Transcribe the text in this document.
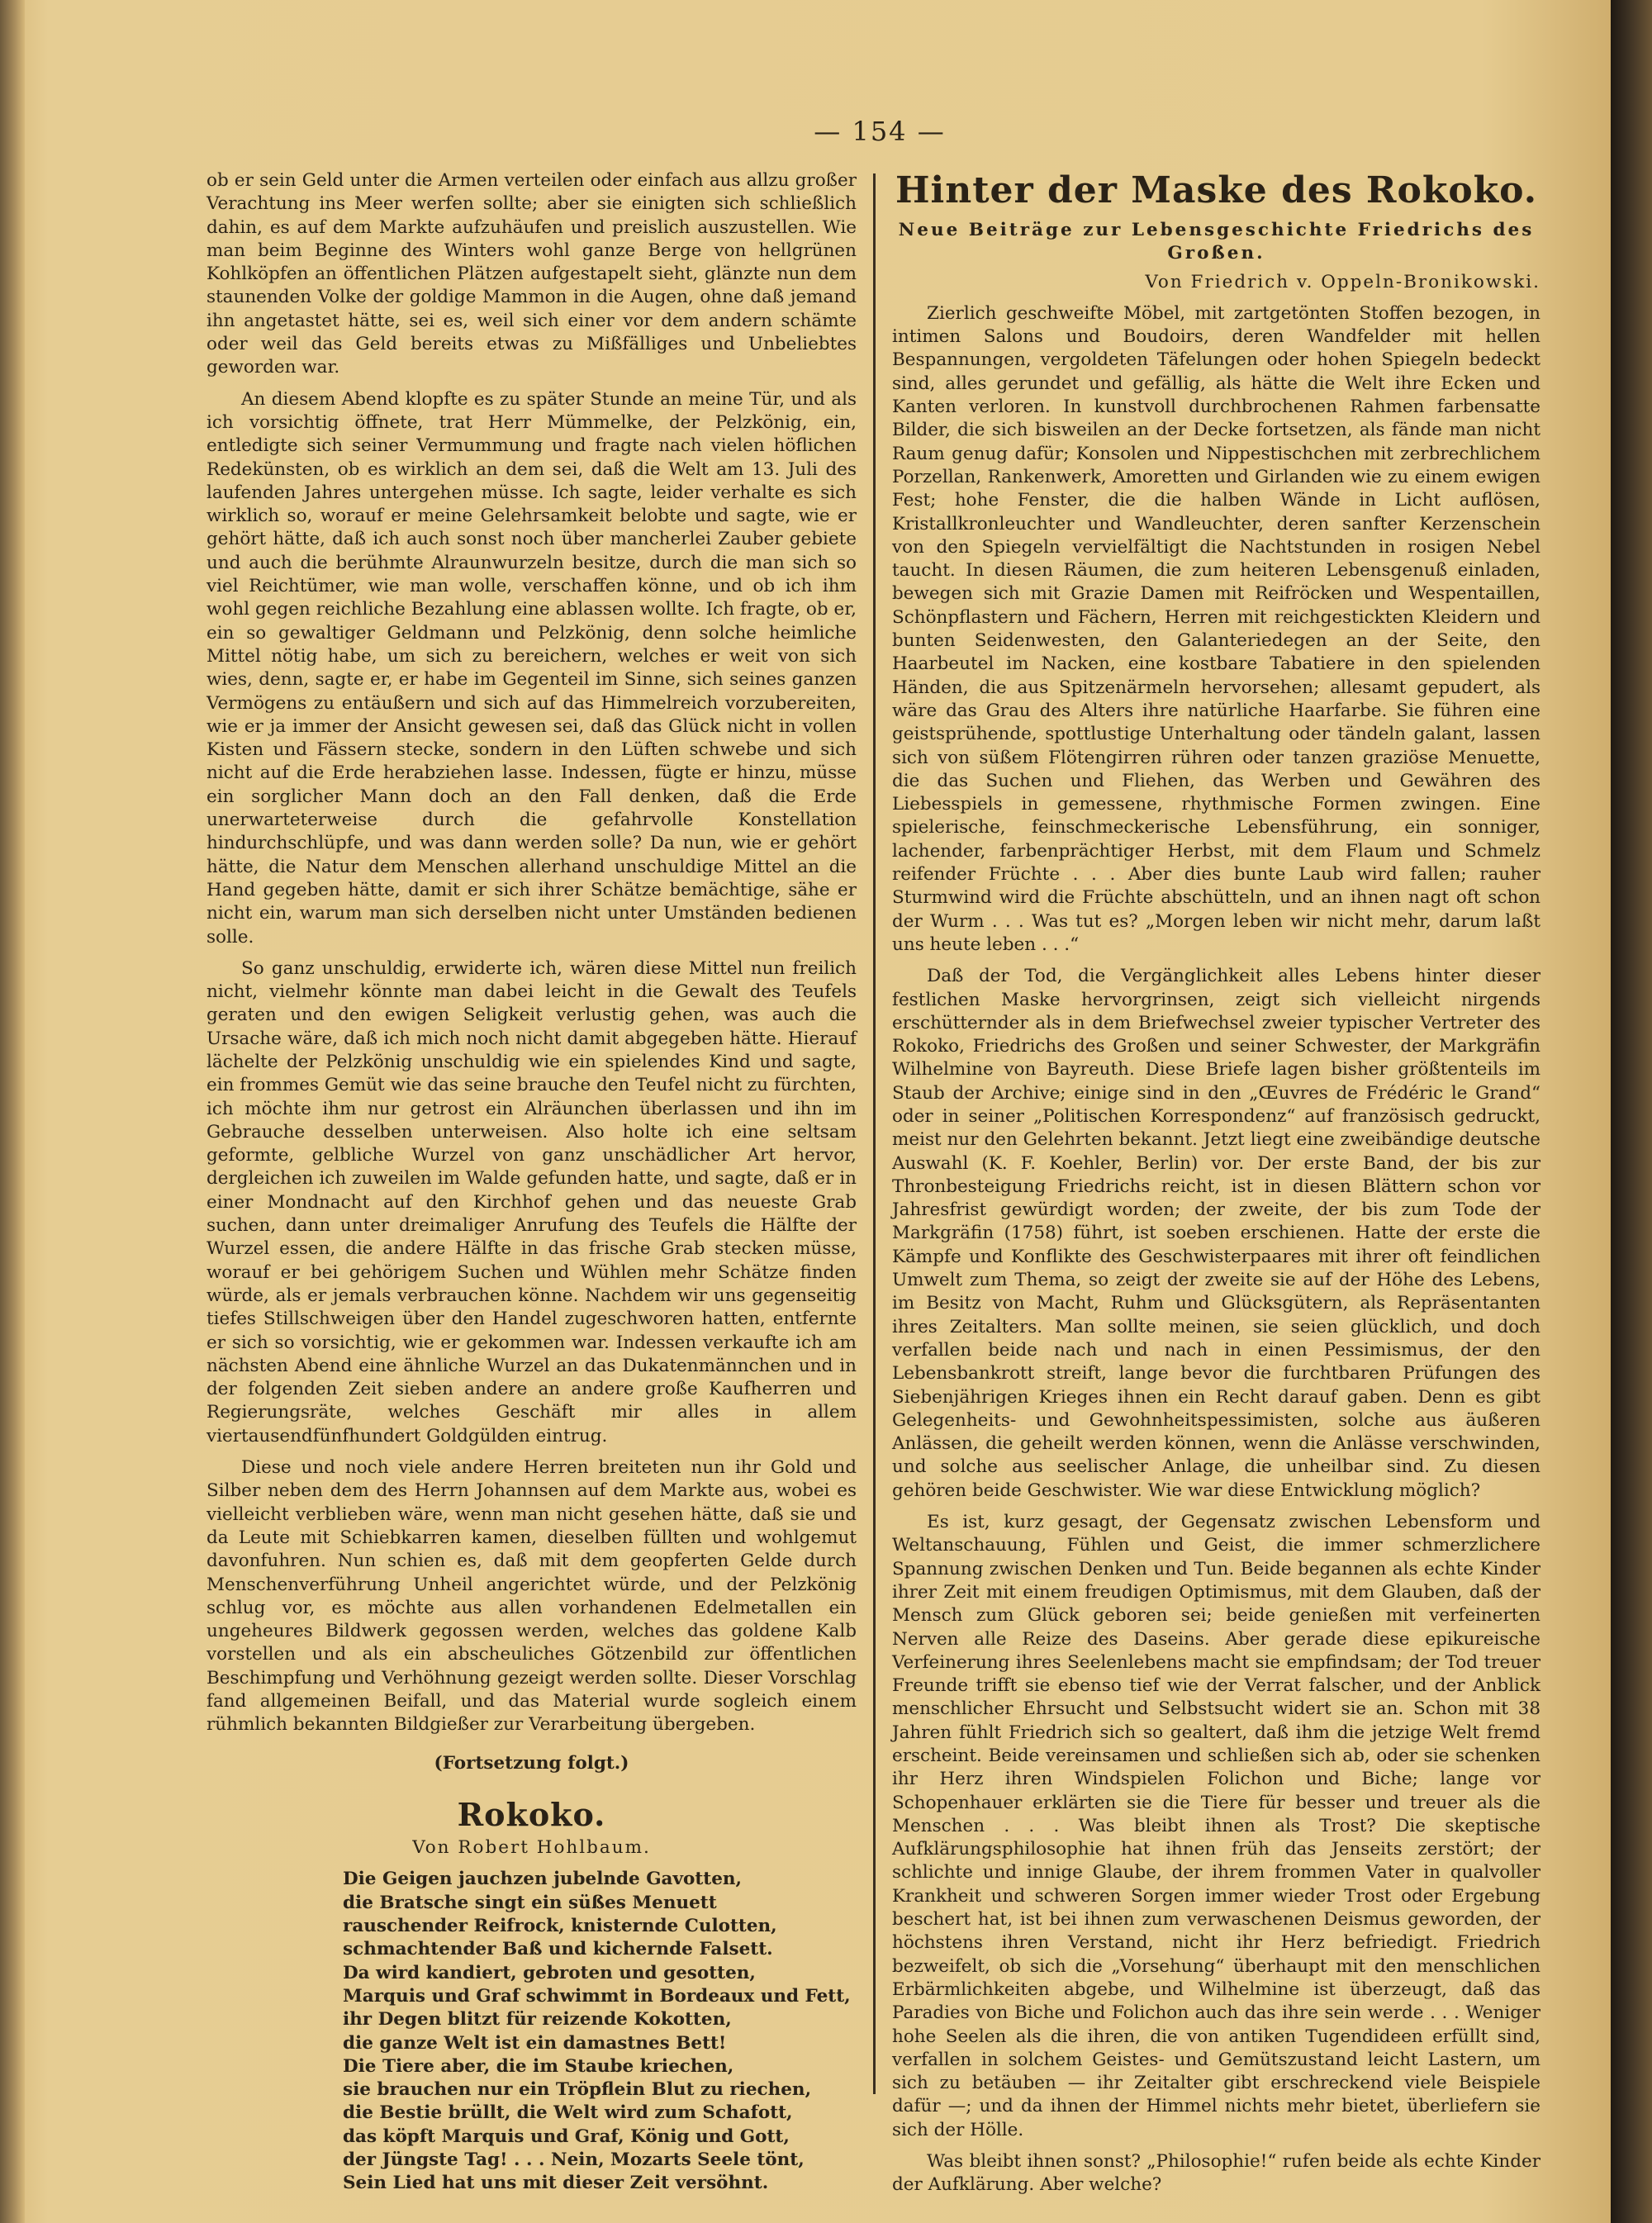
— 154 —

ob er sein Geld unter die Armen verteilen oder einfach aus allzu großer Verachtung ins Meer werfen sollte; aber sie einigten sich schließlich dahin, es auf dem Markte aufzuhäufen und preislich auszustellen. Wie man beim Beginne des Winters wohl ganze Berge von hellgrünen Kohlköpfen an öffentlichen Plätzen aufgestapelt sieht, glänzte nun dem staunenden Volke der goldige Mammon in die Augen, ohne daß jemand ihn angetastet hätte, sei es, weil sich einer vor dem andern schämte oder weil das Geld bereits etwas zu Mißfälliges und Unbeliebtes geworden war.

An diesem Abend klopfte es zu später Stunde an meine Tür, und als ich vorsichtig öffnete, trat Herr Mümmelke, der Pelzkönig, ein, entledigte sich seiner Vermummung und fragte nach vielen höflichen Redekünsten, ob es wirklich an dem sei, daß die Welt am 13. Juli des laufenden Jahres untergehen müsse. Ich sagte, leider verhalte es sich wirklich so, worauf er meine Gelehrsamkeit belobte und sagte, wie er gehört hätte, daß ich auch sonst noch über mancherlei Zauber gebiete und auch die berühmte Alraunwurzeln besitze, durch die man sich so viel Reichtümer, wie man wolle, verschaffen könne, und ob ich ihm wohl gegen reichliche Bezahlung eine ablassen wollte. Ich fragte, ob er, ein so gewaltiger Geldmann und Pelzkönig, denn solche heimliche Mittel nötig habe, um sich zu bereichern, welches er weit von sich wies, denn, sagte er, er habe im Gegenteil im Sinne, sich seines ganzen Vermögens zu entäußern und sich auf das Himmelreich vorzubereiten, wie er ja immer der Ansicht gewesen sei, daß das Glück nicht in vollen Kisten und Fässern stecke, sondern in den Lüften schwebe und sich nicht auf die Erde herabziehen lasse. Indessen, fügte er hinzu, müsse ein sorglicher Mann doch an den Fall denken, daß die Erde unerwarteterweise durch die gefahrvolle Konstellation hindurchschlüpfe, und was dann werden solle? Da nun, wie er gehört hätte, die Natur dem Menschen allerhand unschuldige Mittel an die Hand gegeben hätte, damit er sich ihrer Schätze bemächtige, sähe er nicht ein, warum man sich derselben nicht unter Umständen bedienen solle.

So ganz unschuldig, erwiderte ich, wären diese Mittel nun freilich nicht, vielmehr könnte man dabei leicht in die Gewalt des Teufels geraten und den ewigen Seligkeit verlustig gehen, was auch die Ursache wäre, daß ich mich noch nicht damit abgegeben hätte. Hierauf lächelte der Pelzkönig unschuldig wie ein spielendes Kind und sagte, ein frommes Gemüt wie das seine brauche den Teufel nicht zu fürchten, ich möchte ihm nur getrost ein Alräunchen überlassen und ihn im Gebrauche desselben unterweisen. Also holte ich eine seltsam geformte, gelbliche Wurzel von ganz unschädlicher Art hervor, dergleichen ich zuweilen im Walde gefunden hatte, und sagte, daß er in einer Mondnacht auf den Kirchhof gehen und das neueste Grab suchen, dann unter dreimaliger Anrufung des Teufels die Hälfte der Wurzel essen, die andere Hälfte in das frische Grab stecken müsse, worauf er bei gehörigem Suchen und Wühlen mehr Schätze finden würde, als er jemals verbrauchen könne. Nachdem wir uns gegenseitig tiefes Stillschweigen über den Handel zugeschworen hatten, entfernte er sich so vorsichtig, wie er gekommen war. Indessen verkaufte ich am nächsten Abend eine ähnliche Wurzel an das Dukatenmännchen und in der folgenden Zeit sieben andere an andere große Kaufherren und Regierungsräte, welches Geschäft mir alles in allem viertausendfünfhundert Goldgülden eintrug.

Diese und noch viele andere Herren breiteten nun ihr Gold und Silber neben dem des Herrn Johannsen auf dem Markte aus, wobei es vielleicht verblieben wäre, wenn man nicht gesehen hätte, daß sie und da Leute mit Schiebkarren kamen, dieselben füllten und wohlgemut davonfuhren. Nun schien es, daß mit dem geopferten Gelde durch Menschenverführung Unheil angerichtet würde, und der Pelzkönig schlug vor, es möchte aus allen vorhandenen Edelmetallen ein ungeheures Bildwerk gegossen werden, welches das goldene Kalb vorstellen und als ein abscheuliches Götzenbild zur öffentlichen Beschimpfung und Verhöhnung gezeigt werden sollte. Dieser Vorschlag fand allgemeinen Beifall, und das Material wurde sogleich einem rühmlich bekannten Bildgießer zur Verarbeitung übergeben.

(Fortsetzung folgt.)
Rokoko.
Von Robert Hohlbaum.
Die Geigen jauchzen jubelnde Gavotten,
die Bratsche singt ein süßes Menuett
rauschender Reifrock, knisternde Culotten,
schmachtender Baß und kichernde Falsett.
Da wird kandiert, gebroten und gesotten,
Marquis und Graf schwimmt in Bordeaux und Fett,
ihr Degen blitzt für reizende Kokotten,
die ganze Welt ist ein damastnes Bett!
Die Tiere aber, die im Staube kriechen,
sie brauchen nur ein Tröpflein Blut zu riechen,
die Bestie brüllt, die Welt wird zum Schafott,
das köpft Marquis und Graf, König und Gott,
der Jüngste Tag! . . . Nein, Mozarts Seele tönt,
Sein Lied hat uns mit dieser Zeit versöhnt.
Hinter der Maske des Rokoko.
Neue Beiträge zur Lebensgeschichte Friedrichs des Großen.
Von Friedrich v. Oppeln-Bronikowski.

Zierlich geschweifte Möbel, mit zartgetönten Stoffen bezogen, in intimen Salons und Boudoirs, deren Wandfelder mit hellen Bespannungen, vergoldeten Täfelungen oder hohen Spiegeln bedeckt sind, alles gerundet und gefällig, als hätte die Welt ihre Ecken und Kanten verloren. In kunstvoll durchbrochenen Rahmen farbensatte Bilder, die sich bisweilen an der Decke fortsetzen, als fände man nicht Raum genug dafür; Konsolen und Nippestischchen mit zerbrechlichem Porzellan, Rankenwerk, Amoretten und Girlanden wie zu einem ewigen Fest; hohe Fenster, die die halben Wände in Licht auflösen, Kristallkronleuchter und Wandleuchter, deren sanfter Kerzenschein von den Spiegeln vervielfältigt die Nachtstunden in rosigen Nebel taucht. In diesen Räumen, die zum heiteren Lebensgenuß einladen, bewegen sich mit Grazie Damen mit Reifröcken und Wespentaillen, Schönpflastern und Fächern, Herren mit reichgestickten Kleidern und bunten Seidenwesten, den Galanteriedegen an der Seite, den Haarbeutel im Nacken, eine kostbare Tabatiere in den spielenden Händen, die aus Spitzenärmeln hervorsehen; allesamt gepudert, als wäre das Grau des Alters ihre natürliche Haarfarbe. Sie führen eine geistsprühende, spottlustige Unterhaltung oder tändeln galant, lassen sich von süßem Flötengirren rühren oder tanzen graziöse Menuette, die das Suchen und Fliehen, das Werben und Gewähren des Liebesspiels in gemessene, rhythmische Formen zwingen. Eine spielerische, feinschmeckerische Lebensführung, ein sonniger, lachender, farbenprächtiger Herbst, mit dem Flaum und Schmelz reifender Früchte . . . Aber dies bunte Laub wird fallen; rauher Sturmwind wird die Früchte abschütteln, und an ihnen nagt oft schon der Wurm . . . Was tut es? „Morgen leben wir nicht mehr, darum laßt uns heute leben . . .“

Daß der Tod, die Vergänglichkeit alles Lebens hinter dieser festlichen Maske hervorgrinsen, zeigt sich vielleicht nirgends erschütternder als in dem Briefwechsel zweier typischer Vertreter des Rokoko, Friedrichs des Großen und seiner Schwester, der Markgräfin Wilhelmine von Bayreuth. Diese Briefe lagen bisher größtenteils im Staub der Archive; einige sind in den „Œuvres de Frédéric le Grand“ oder in seiner „Politischen Korrespondenz“ auf französisch gedruckt, meist nur den Gelehrten bekannt. Jetzt liegt eine zweibändige deutsche Auswahl (K. F. Koehler, Berlin) vor. Der erste Band, der bis zur Thronbesteigung Friedrichs reicht, ist in diesen Blättern schon vor Jahresfrist gewürdigt worden; der zweite, der bis zum Tode der Markgräfin (1758) führt, ist soeben erschienen. Hatte der erste die Kämpfe und Konflikte des Geschwisterpaares mit ihrer oft feindlichen Umwelt zum Thema, so zeigt der zweite sie auf der Höhe des Lebens, im Besitz von Macht, Ruhm und Glücksgütern, als Repräsentanten ihres Zeitalters. Man sollte meinen, sie seien glücklich, und doch verfallen beide nach und nach in einen Pessimismus, der den Lebensbankrott streift, lange bevor die furchtbaren Prüfungen des Siebenjährigen Krieges ihnen ein Recht darauf gaben. Denn es gibt Gelegenheits- und Gewohnheitspessimisten, solche aus äußeren Anlässen, die geheilt werden können, wenn die Anlässe verschwinden, und solche aus seelischer Anlage, die unheilbar sind. Zu diesen gehören beide Geschwister. Wie war diese Entwicklung möglich?

Es ist, kurz gesagt, der Gegensatz zwischen Lebensform und Weltanschauung, Fühlen und Geist, die immer schmerzlichere Spannung zwischen Denken und Tun. Beide begannen als echte Kinder ihrer Zeit mit einem freudigen Optimismus, mit dem Glauben, daß der Mensch zum Glück geboren sei; beide genießen mit verfeinerten Nerven alle Reize des Daseins. Aber gerade diese epikureische Verfeinerung ihres Seelenlebens macht sie empfindsam; der Tod treuer Freunde trifft sie ebenso tief wie der Verrat falscher, und der Anblick menschlicher Ehrsucht und Selbstsucht widert sie an. Schon mit 38 Jahren fühlt Friedrich sich so gealtert, daß ihm die jetzige Welt fremd erscheint. Beide vereinsamen und schließen sich ab, oder sie schenken ihr Herz ihren Windspielen Folichon und Biche; lange vor Schopenhauer erklärten sie die Tiere für besser und treuer als die Menschen . . . Was bleibt ihnen als Trost? Die skeptische Aufklärungsphilosophie hat ihnen früh das Jenseits zerstört; der schlichte und innige Glaube, der ihrem frommen Vater in qualvoller Krankheit und schweren Sorgen immer wieder Trost oder Ergebung beschert hat, ist bei ihnen zum verwaschenen Deismus geworden, der höchstens ihren Verstand, nicht ihr Herz befriedigt. Friedrich bezweifelt, ob sich die „Vorsehung“ überhaupt mit den menschlichen Erbärmlichkeiten abgebe, und Wilhelmine ist überzeugt, daß das Paradies von Biche und Folichon auch das ihre sein werde . . . Weniger hohe Seelen als die ihren, die von antiken Tugendideen erfüllt sind, verfallen in solchem Geistes- und Gemütszustand leicht Lastern, um sich zu betäuben — ihr Zeitalter gibt erschreckend viele Beispiele dafür —; und da ihnen der Himmel nichts mehr bietet, überliefern sie sich der Hölle.

Was bleibt ihnen sonst? „Philosophie!“ rufen beide als echte Kinder der Aufklärung. Aber welche?
